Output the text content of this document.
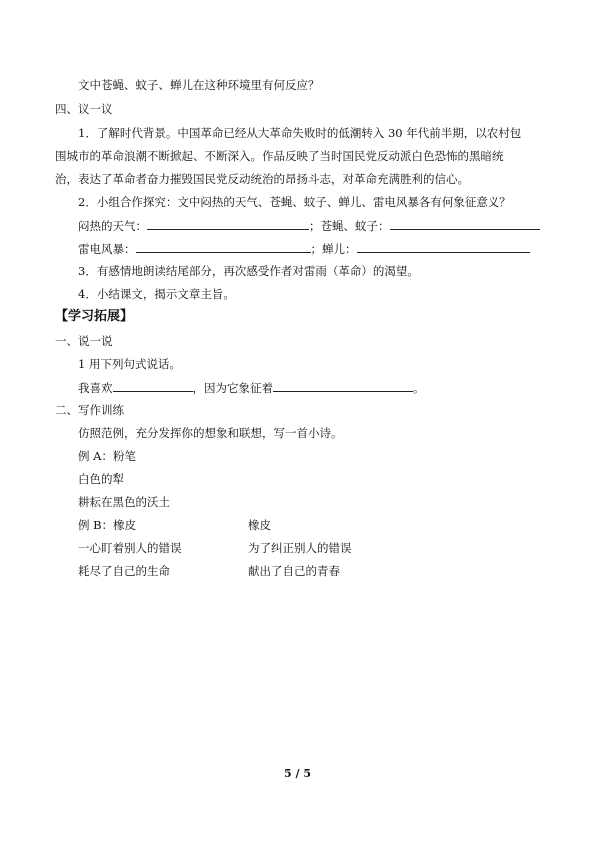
文中苍蝇、蚊子、蝉儿在这种环境里有何反应？
四、议一议
1．了解时代背景。中国革命已经从大革命失败时的低潮转入 30 年代前半期，以农村包
围城市的革命浪潮不断掀起、不断深入。作品反映了当时国民党反动派白色恐怖的黑暗统
治，表达了革命者奋力摧毁国民党反动统治的昂扬斗志，对革命充满胜利的信心。
2．小组合作探究：文中闷热的天气、苍蝇、蚊子、蝉儿、雷电风暴各有何象征意义？
闷热的天气：	；苍蝇、蚊子：
雷电风暴：	；蝉儿：
3．有感情地朗读结尾部分，再次感受作者对雷雨（革命）的渴望。
4．小结课文，揭示文章主旨。
【学习拓展】
一、说一说
1 用下列句式说话。
我喜欢	，因为它象征着	。
二、写作训练
仿照范例，充分发挥你的想象和联想，写一首小诗。
例 A：粉笔
白色的犁
耕耘在黑色的沃土
例 B：橡皮	橡皮
一心盯着别人的错误	为了纠正别人的错误
耗尽了自己的生命	献出了自己的青春
5 / 5
